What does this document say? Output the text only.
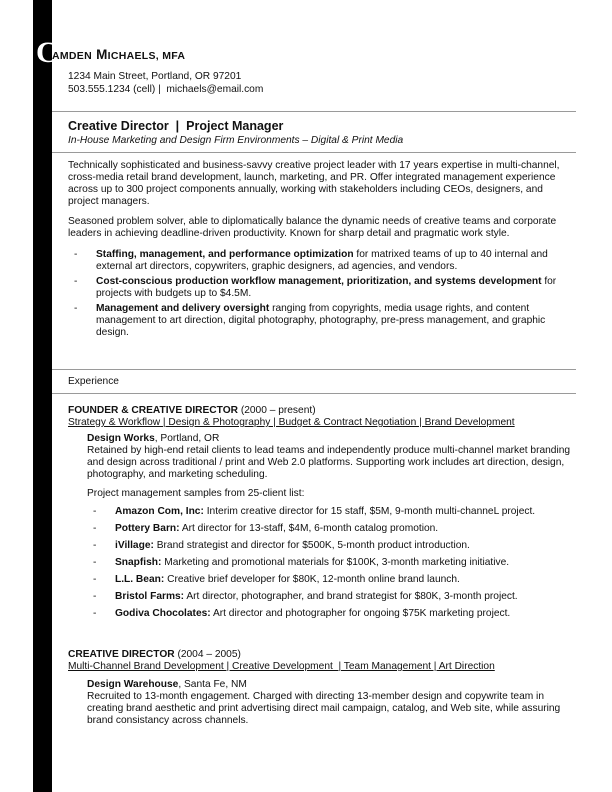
C
AMDEN MICHAELS, MFA
1234 Main Street, Portland, OR 97201
503.555.1234 (cell) |  michaels@email.com
Creative Director  |  Project Manager
In-House Marketing and Design Firm Environments – Digital & Print Media

Technically sophisticated and business-savvy creative project leader with 17 years expertise in multi-channel, cross-media retail brand development, launch, marketing, and PR. Offer integrated management experience across up to 300 project components annually, working with stakeholders including CEOs, designers, and project managers.

Seasoned problem solver, able to diplomatically balance the dynamic needs of creative teams and corporate leaders in achieving deadline-driven productivity. Known for sharp detail and pragmatic work style.

- Staffing, management, and performance optimization for matrixed teams of up to 40 internal and external art directors, copywriters, graphic designers, ad agencies, and vendors.
- Cost-conscious production workflow management, prioritization, and systems development for projects with budgets up to $4.5M.
- Management and delivery oversight ranging from copyrights, media usage rights, and content management to art direction, digital photography, photography, pre-press management, and graphic design.
Experience
FOUNDER & CREATIVE DIRECTOR (2000 – present)
Strategy & Workflow | Design & Photography | Budget & Contract Negotiation | Brand Development
Design Works, Portland, OR

Retained by high-end retail clients to lead teams and independently produce multi-channel market branding and design across traditional / print and Web 2.0 platforms. Supporting work includes art direction, design, photography, and marketing scheduling.

Project management samples from 25-client list:

- Amazon Com, Inc: Interim creative director for 15 staff, $5M, 9-month multi-channeL project.
- Pottery Barn: Art director for 13-staff, $4M, 6-month catalog promotion.
- iVillage: Brand strategist and director for $500K, 5-month product introduction.
- Snapfish: Marketing and promotional materials for $100K, 3-month marketing initiative.
- L.L. Bean: Creative brief developer for $80K, 12-month online brand launch.
- Bristol Farms: Art director, photographer, and brand strategist for $80K, 3-month project.
- Godiva Chocolates: Art director and photographer for ongoing $75K marketing project.
CREATIVE DIRECTOR (2004 – 2005)
Multi-Channel Brand Development | Creative Development  | Team Management | Art Direction
Design Warehouse, Santa Fe, NM

Recruited to 13-month engagement. Charged with directing 13-member design and copywrite team in creating brand aesthetic and print advertising direct mail campaign, catalog, and Web site, while assuring brand consistancy across channels.
